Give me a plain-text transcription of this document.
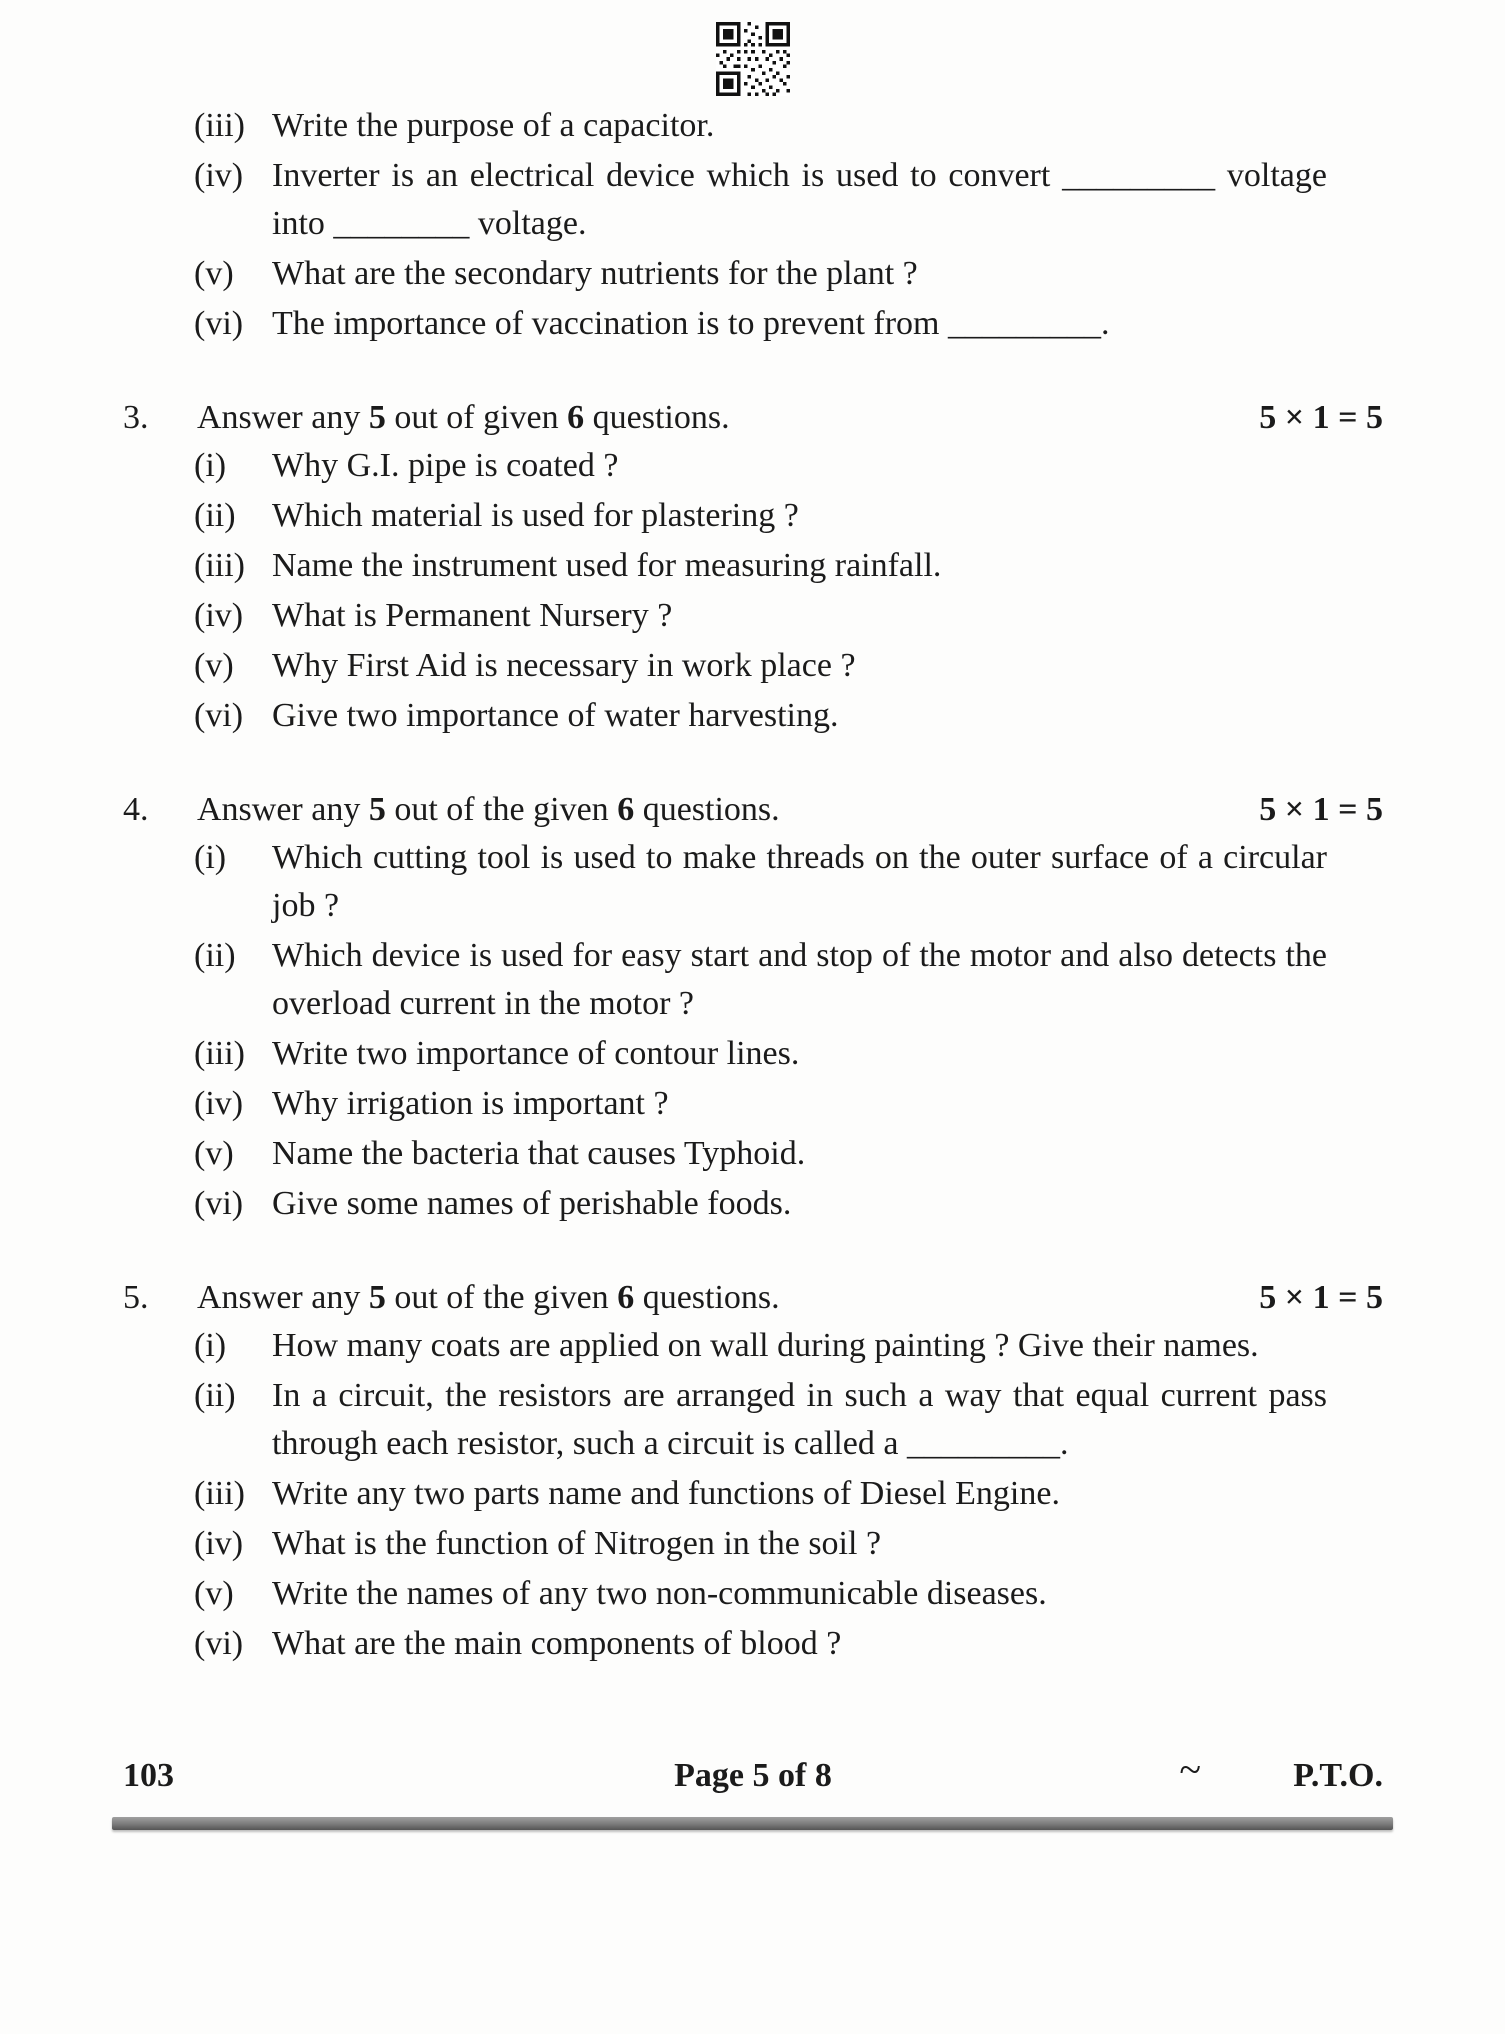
(iii) Write the purpose of a capacitor.
(iv) Inverter is an electrical device which is used to convert _________ voltage into ________ voltage.
(v)	What are the secondary nutrients for the plant ?
(vi) The importance of vaccination is to prevent from _________.
3.	Answer any 5 out of given 6 questions.	5 × 1 = 5
(i)	Why G.I. pipe is coated ?
(ii)	Which material is used for plastering ?
(iii) Name the instrument used for measuring rainfall.
(iv) What is Permanent Nursery ?
(v)	Why First Aid is necessary in work place ?
(vi) Give two importance of water harvesting.
4.	Answer any 5 out of the given 6 questions.	5 × 1 = 5
(i)	Which cutting tool is used to make threads on the outer surface of a circular job ?
(ii)	Which device is used for easy start and stop of the motor and also detects the overload current in the motor ?
(iii) Write two importance of contour lines.
(iv) Why irrigation is important ?
(v)	Name the bacteria that causes Typhoid.
(vi) Give some names of perishable foods.
5.	Answer any 5 out of the given 6 questions.	5 × 1 = 5
(i)	How many coats are applied on wall during painting ? Give their names.
(ii)	In a circuit, the resistors are arranged in such a way that equal current pass through each resistor, such a circuit is called a _________.
(iii) Write any two parts name and functions of Diesel Engine.
(iv) What is the function of Nitrogen in the soil ?
(v)	Write the names of any two non-communicable diseases.
(vi) What are the main components of blood ?
103	Page 5 of 8	~	P.T.O.
